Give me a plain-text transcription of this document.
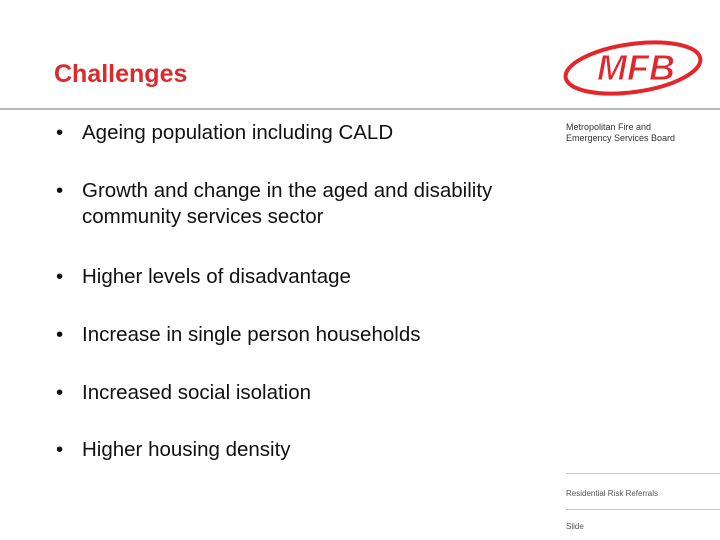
Challenges	MFB
Metropolitan Fire and
Emergency Services Board
• Ageing population including CALD
• Growth and change in the aged and disability community services sector
• Higher levels of disadvantage
• Increase in single person households
• Increased social isolation
• Higher housing density
Residential Risk Referrals
Slide
